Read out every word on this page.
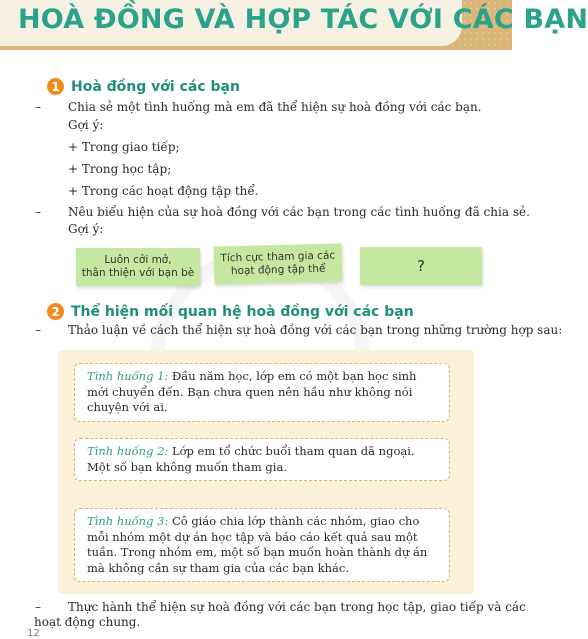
HOÀ ĐỒNG VÀ HỢP TÁC VỚI CÁC BẠN
1 Hoà đồng với các bạn
– Chia sẻ một tình huống mà em đã thể hiện sự hoà đồng với các bạn.
Gợi ý:
+ Trong giao tiếp;
+ Trong học tập;
+ Trong các hoạt động tập thể.
– Nêu biểu hiện của sự hoà đồng với các bạn trong các tình huống đã chia sẻ.
Gợi ý:
Luôn cởi mở,
thân thiện với bạn bè
Tích cực tham gia các
hoạt động tập thể	?
2 Thể hiện mối quan hệ hoà đồng với các bạn
– Thảo luận về cách thể hiện sự hoà đồng với các bạn trong những trường hợp sau:
Tình huống 1: Đầu năm học, lớp em có một bạn học sinh mới chuyển đến. Bạn chưa quen nên hầu như không nói chuyện với ai.
Tình huống 2: Lớp em tổ chức buổi tham quan dã ngoại. Một số bạn không muốn tham gia.
Tình huống 3: Cô giáo chia lớp thành các nhóm, giao cho mỗi nhóm một dự án học tập và báo cáo kết quả sau một tuần. Trong nhóm em, một số bạn muốn hoàn thành dự án mà không cần sự tham gia của các bạn khác.
– Thực hành thể hiện sự hoà đồng với các bạn trong học tập, giao tiếp và các
hoạt động chung.
12
